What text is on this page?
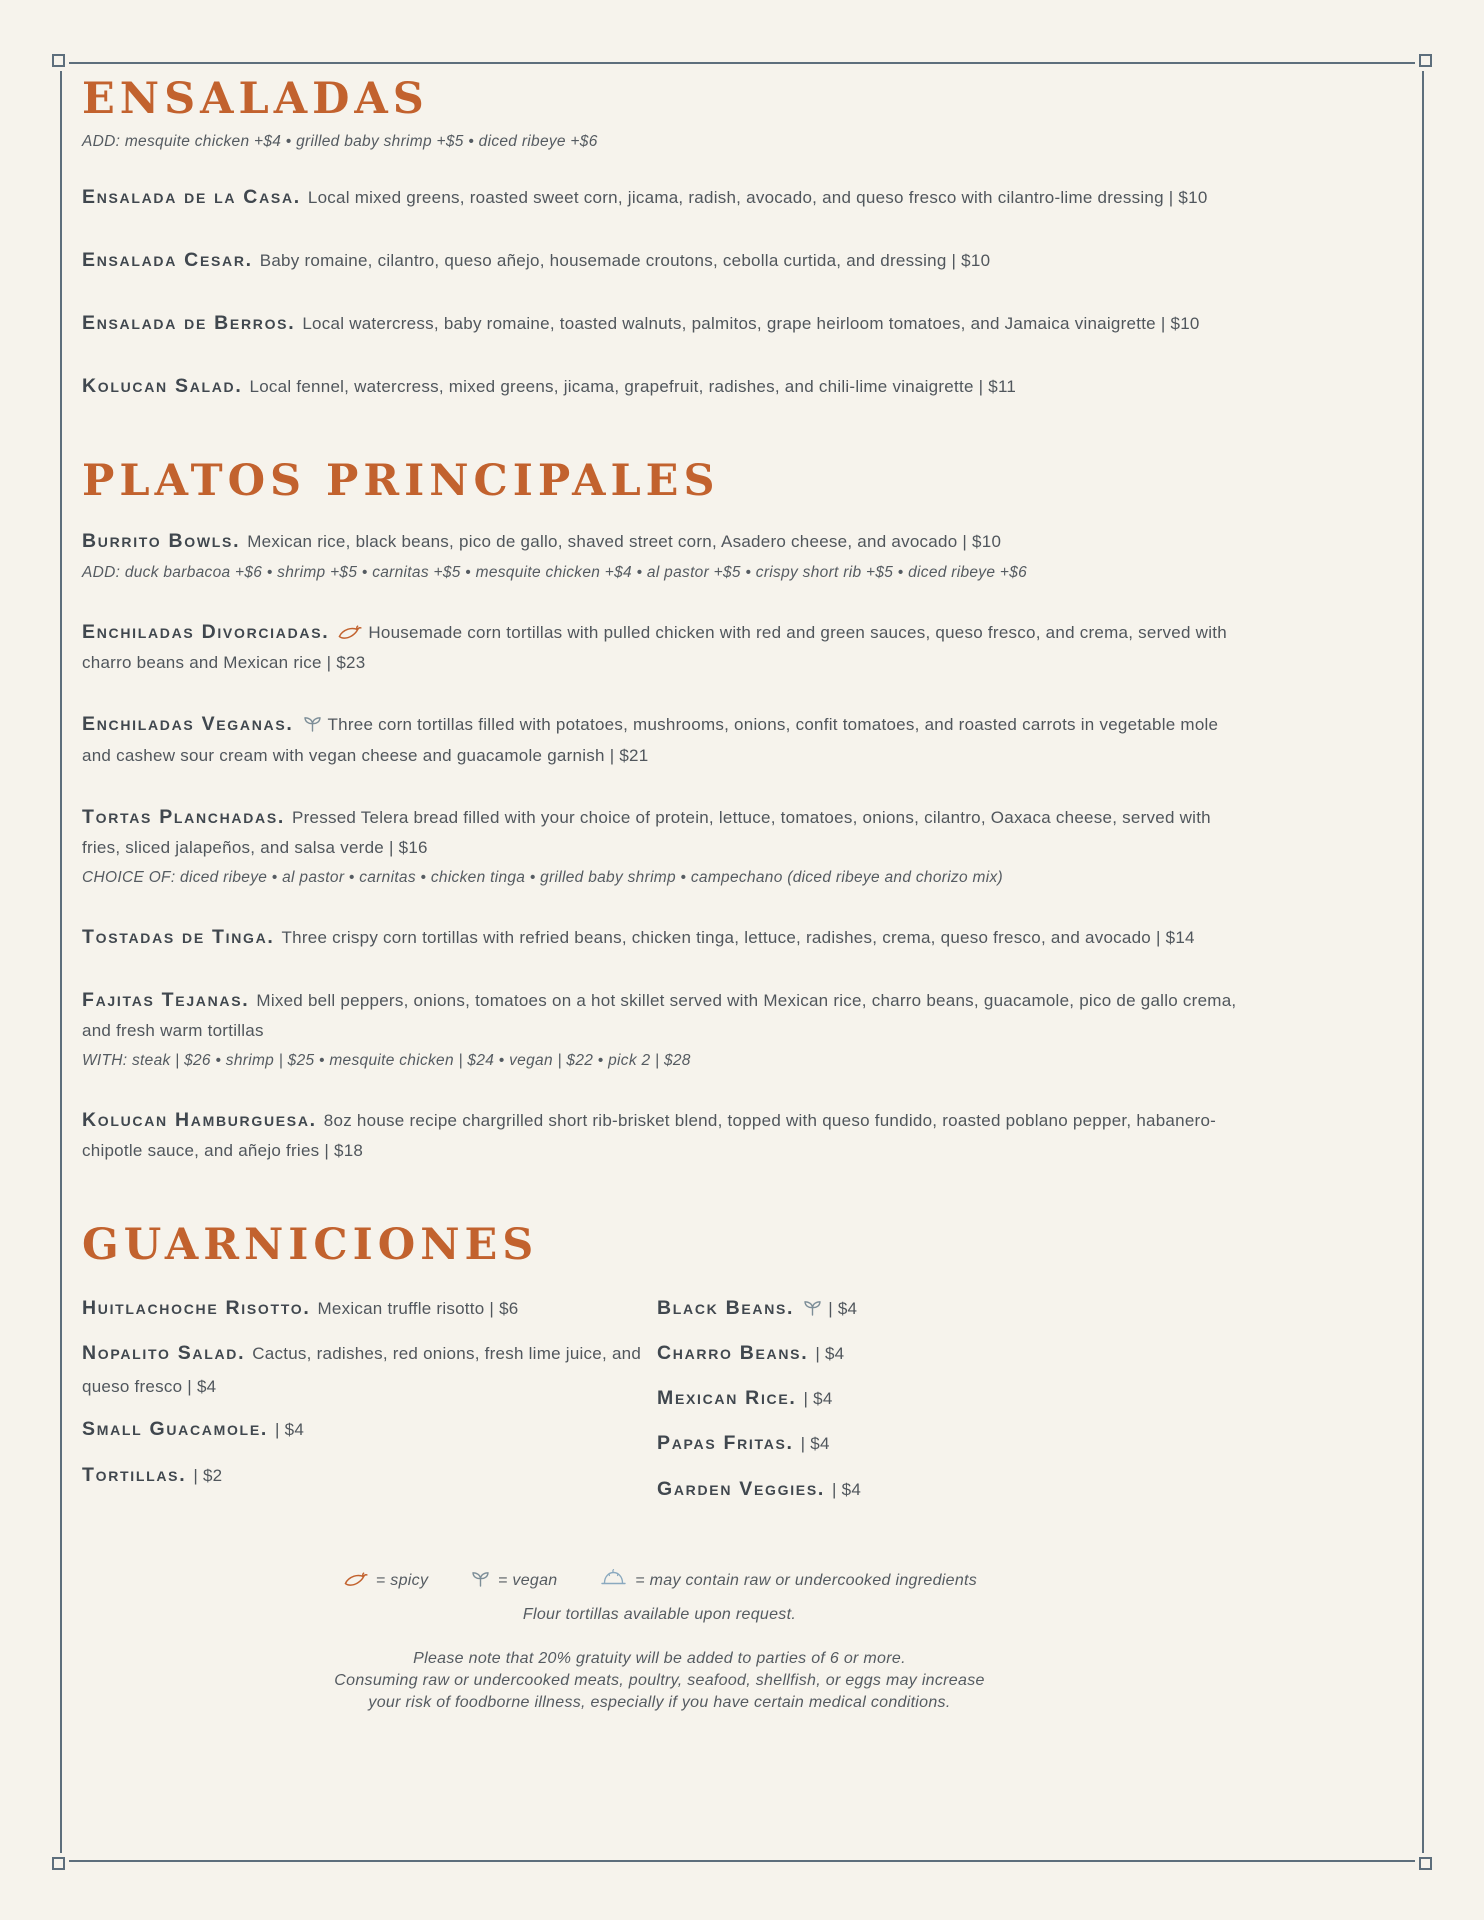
ENSALADAS

ADD: mesquite chicken +$4 • grilled baby shrimp +$5 • diced ribeye +$6

Ensalada de la Casa. Local mixed greens, roasted sweet corn, jicama, radish, avocado, and queso fresco with cilantro-lime dressing | $10

Ensalada Cesar. Baby romaine, cilantro, queso añejo, housemade croutons, cebolla curtida, and dressing | $10

Ensalada de Berros. Local watercress, baby romaine, toasted walnuts, palmitos, grape heirloom tomatoes, and Jamaica vinaigrette | $10

Kolucan Salad. Local fennel, watercress, mixed greens, jicama, grapefruit, radishes, and chili-lime vinaigrette | $11

PLATOS PRINCIPALES

Burrito Bowls. Mexican rice, black beans, pico de gallo, shaved street corn, Asadero cheese, and avocado | $10

ADD: duck barbacoa +$6 • shrimp +$5 • carnitas +$5 • mesquite chicken +$4 • al pastor +$5 • crispy short rib +$5 • diced ribeye +$6

Enchiladas Divorciadas. Housemade corn tortillas with pulled chicken with red and green sauces, queso fresco, and crema, served with charro beans and Mexican rice | $23

Enchiladas Veganas. Three corn tortillas filled with potatoes, mushrooms, onions, confit tomatoes, and roasted carrots in vegetable mole and cashew sour cream with vegan cheese and guacamole garnish | $21

Tortas Planchadas. Pressed Telera bread filled with your choice of protein, lettuce, tomatoes, onions, cilantro, Oaxaca cheese, served with fries, sliced jalapeños, and salsa verde | $16

CHOICE OF: diced ribeye • al pastor • carnitas • chicken tinga • grilled baby shrimp • campechano (diced ribeye and chorizo mix)

Tostadas de Tinga. Three crispy corn tortillas with refried beans, chicken tinga, lettuce, radishes, crema, queso fresco, and avocado | $14

Fajitas Tejanas. Mixed bell peppers, onions, tomatoes on a hot skillet served with Mexican rice, charro beans, guacamole, pico de gallo crema, and fresh warm tortillas

WITH: steak | $26 • shrimp | $25 • mesquite chicken | $24 • vegan | $22 • pick 2 | $28

Kolucan Hamburguesa. 8oz house recipe chargrilled short rib-brisket blend, topped with queso fundido, roasted poblano pepper, habanero-chipotle sauce, and añejo fries | $18

GUARNICIONES

Huitlachoche Risotto. Mexican truffle risotto | $6

Nopalito Salad. Cactus, radishes, red onions, fresh lime juice, and queso fresco | $4

Small Guacamole. | $4

Tortillas. | $2

Black Beans. | $4

Charro Beans. | $4

Mexican Rice. | $4

Papas Fritas. | $4

Garden Veggies. | $4

= spicy	= vegan	= may contain raw or undercooked ingredients

Flour tortillas available upon request.

Please note that 20% gratuity will be added to parties of 6 or more.

Consuming raw or undercooked meats, poultry, seafood, shellfish, or eggs may increase

your risk of foodborne illness, especially if you have certain medical conditions.
